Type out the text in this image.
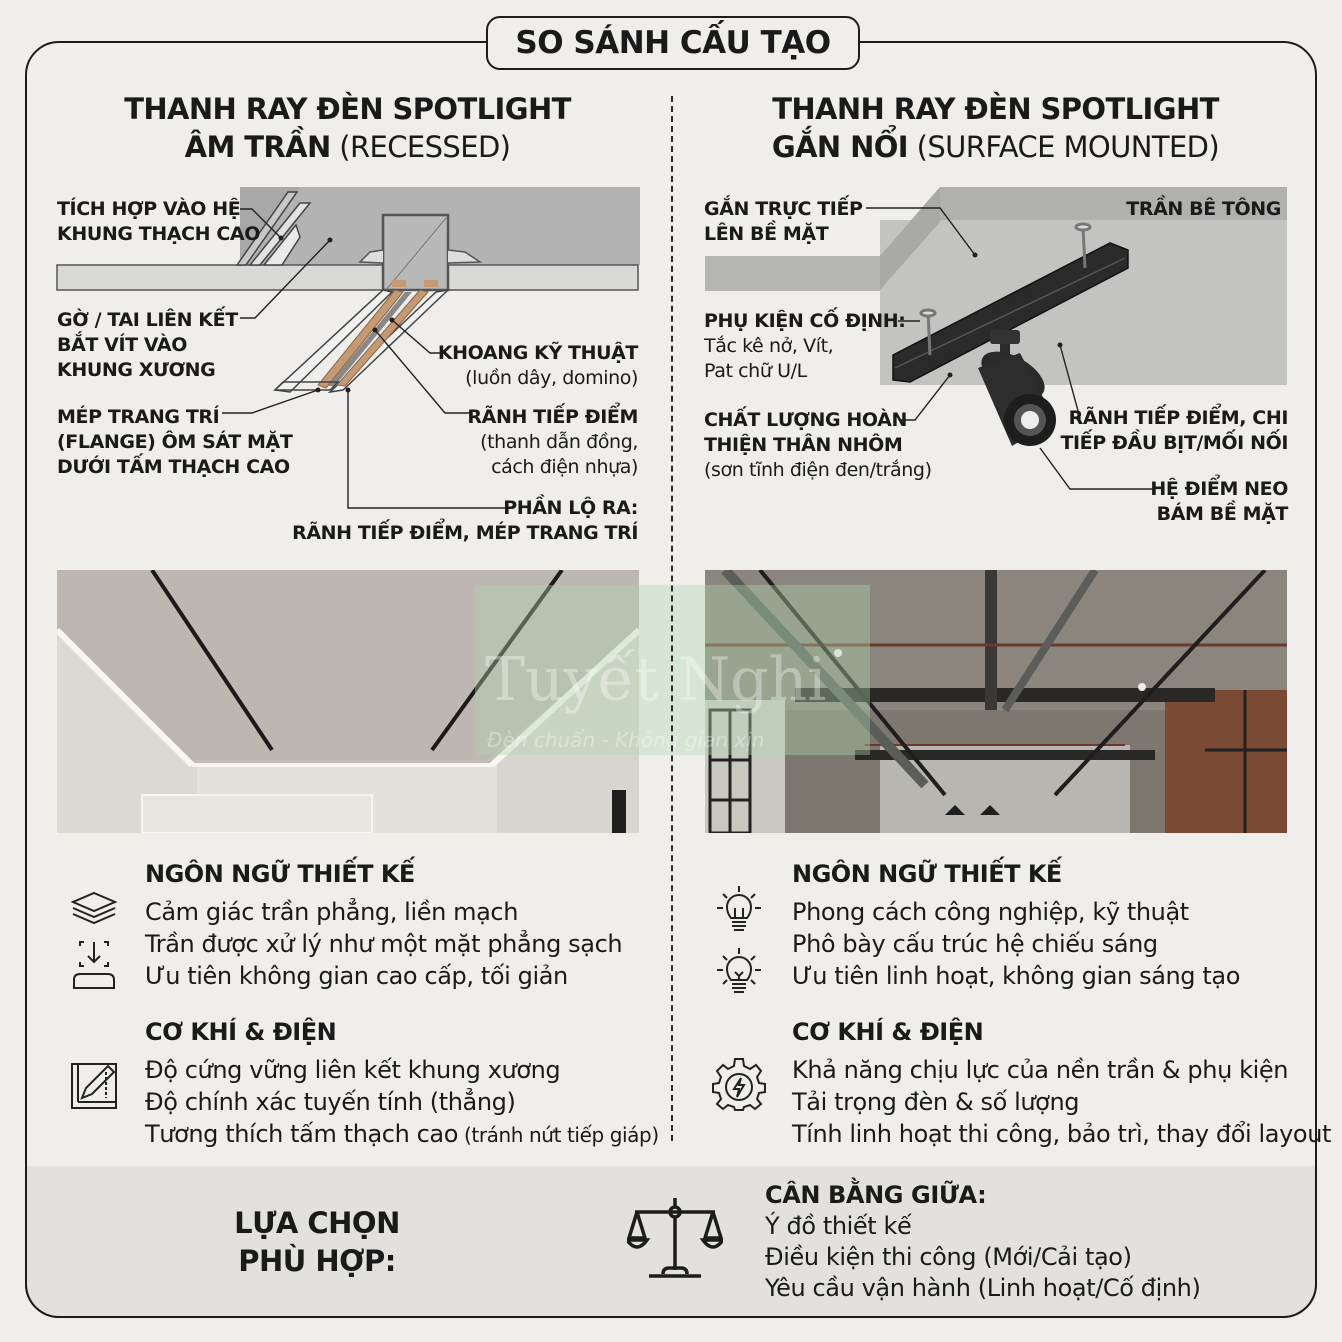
SO SÁNH CẤU TẠO
THANH RAY ĐÈN SPOTLIGHT
ÂM TRẦN (RECESSED)
THANH RAY ĐÈN SPOTLIGHT
GẮN NỔI (SURFACE MOUNTED)
TÍCH HỢP VÀO HỆ
KHUNG THẠCH CAO
GỜ / TAI LIÊN KẾT
BẮT VÍT VÀO
KHUNG XƯƠNG
MÉP TRANG TRÍ
(FLANGE) ÔM SÁT MẶT
DƯỚI TẤM THẠCH CAO
KHOANG KỸ THUẬT
(luồn dây, domino)
RÃNH TIẾP ĐIỂM
(thanh dẫn đồng,
cách điện nhựa)
PHẦN LỘ RA:
RÃNH TIẾP ĐIỂM, MÉP TRANG TRÍ
GẮN TRỰC TIẾP
LÊN BỀ MẶT
TRẦN BÊ TÔNG
PHỤ KIỆN CỐ ĐỊNH:
Tắc kê nở, Vít,
Pat chữ U/L
CHẤT LƯỢNG HOÀN
THIỆN THÂN NHÔM
(sơn tĩnh điện đen/trắng)
RÃNH TIẾP ĐIỂM, CHI
TIẾP ĐẦU BỊT/MỐI NỐI
HỆ ĐIỂM NEO
BÁM BỀ MẶT
Tuyết Nghi
Đèn chuẩn - Không gian xịn
NGÔN NGỮ THIẾT KẾ
Cảm giác trần phẳng, liền mạch
Trần được xử lý như một mặt phẳng sạch
Ưu tiên không gian cao cấp, tối giản
CƠ KHÍ & ĐIỆN
Độ cứng vững liên kết khung xương
Độ chính xác tuyến tính (thẳng)
Tương thích tấm thạch cao (tránh nứt tiếp giáp)
NGÔN NGỮ THIẾT KẾ
Phong cách công nghiệp, kỹ thuật
Phô bày cấu trúc hệ chiếu sáng
Ưu tiên linh hoạt, không gian sáng tạo
CƠ KHÍ & ĐIỆN
Khả năng chịu lực của nền trần & phụ kiện
Tải trọng đèn & số lượng
Tính linh hoạt thi công, bảo trì, thay đổi layout
LỰA CHỌN
PHÙ HỢP:
CÂN BẰNG GIỮA:
Ý đồ thiết kế
Điều kiện thi công (Mới/Cải tạo)
Yêu cầu vận hành (Linh hoạt/Cố định)
